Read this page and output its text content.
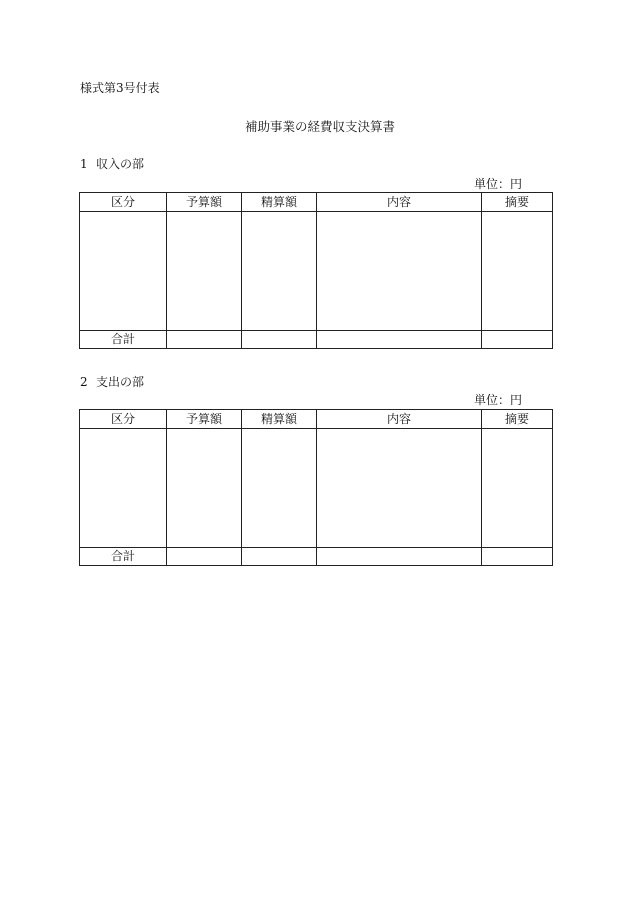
様式第3号付表
補助事業の経費収支決算書
1 収入の部
単位：円
区分	予算額	精算額	内容	摘要

合計				
2 支出の部
単位：円
区分	予算額	精算額	内容	摘要

合計				
